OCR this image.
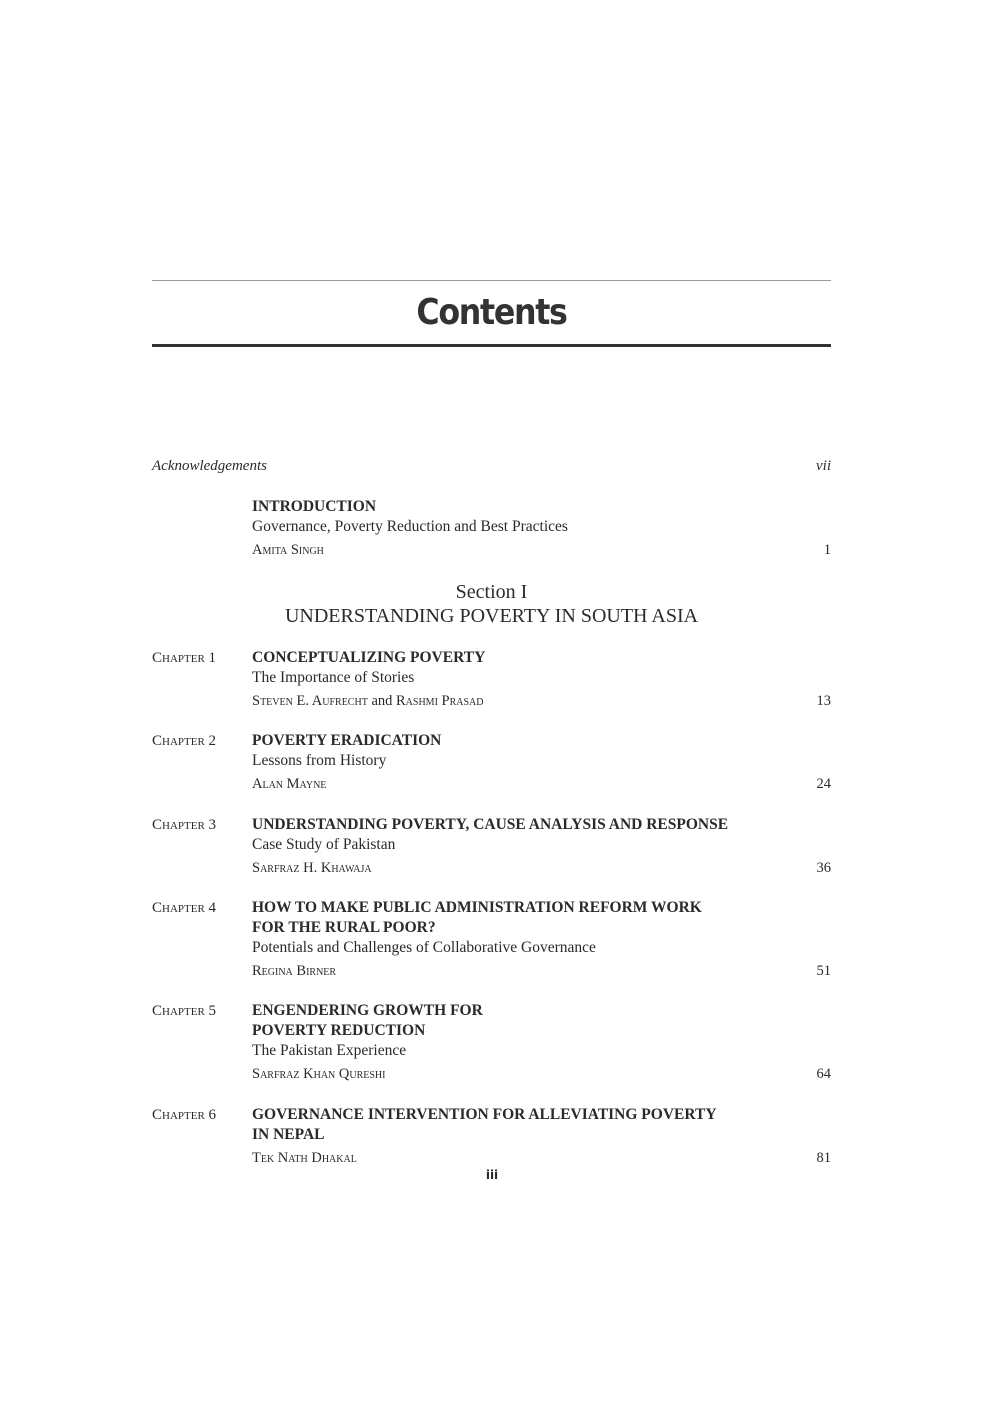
Contents
Acknowledgements	vii
INTRODUCTION
Governance, Poverty Reduction and Best Practices
Amita Singh	1
Section I
UNDERSTANDING POVERTY IN SOUTH ASIA
Chapter 1 CONCEPTUALIZING POVERTY
The Importance of Stories
Steven E. Aufrecht and Rashmi Prasad	13
Chapter 2 POVERTY ERADICATION
Lessons from History
Alan Mayne	24
Chapter 3 UNDERSTANDING POVERTY, CAUSE ANALYSIS AND RESPONSE
Case Study of Pakistan
Sarfraz H. Khawaja	36
Chapter 4 HOW TO MAKE PUBLIC ADMINISTRATION REFORM WORK
FOR THE RURAL POOR?
Potentials and Challenges of Collaborative Governance
Regina Birner	51
Chapter 5 ENGENDERING GROWTH FOR
POVERTY REDUCTION
The Pakistan Experience
Sarfraz Khan Qureshi	64
Chapter 6 GOVERNANCE INTERVENTION FOR ALLEVIATING POVERTY
IN NEPAL
Tek Nath Dhakal	81
iii
